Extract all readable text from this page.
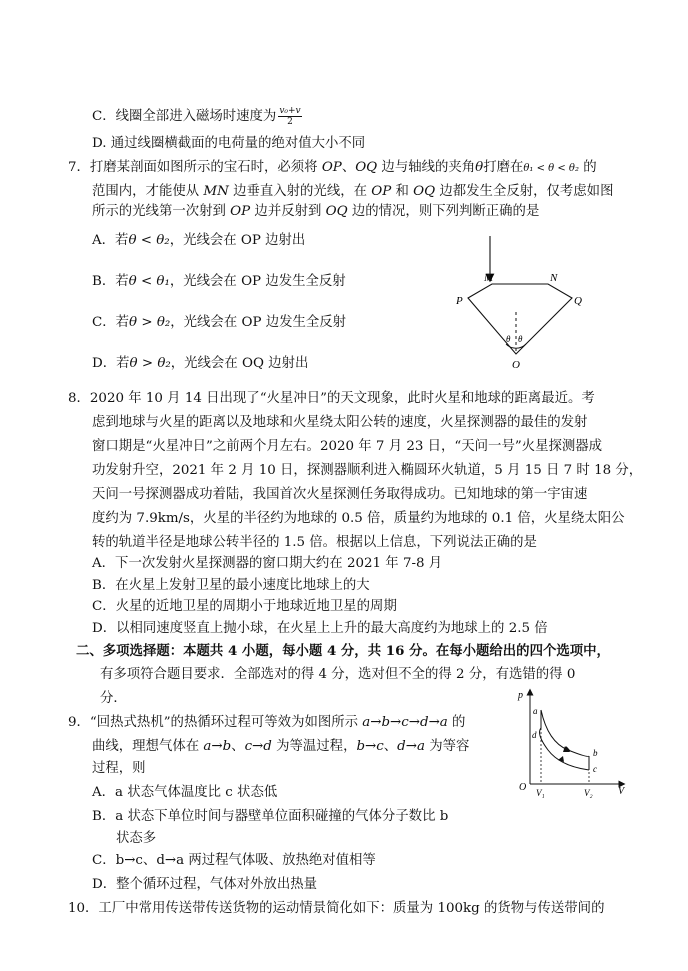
C．线圈全部进入磁场时速度为 $\frac{\text{v₀+v}}{2}$
D. 通过线圈横截面的电荷量的绝对值大小不同
7．打磨某剖面如图所示的宝石时，必须将 OP、OQ 边与轴线的夹角θ打磨在θ₁ < θ < θ₂ 的
范围内，才能使从 MN 边垂直入射的光线，在 OP 和 OQ 边都发生全反射，仅考虑如图
所示的光线第一次射到 OP 边并反射到 OQ 边的情况，则下列判断正确的是
A．若θ < θ₂，光线会在 OP 边射出
B．若θ < θ₁，光线会在 OP 边发生全反射
C．若θ > θ₂，光线会在 OP 边发生全反射
D．若θ > θ₂，光线会在 OQ 边射出
M	N
P	Q
O
θ θ
8．2020 年 10 月 14 日出现了“火星冲日”的天文现象，此时火星和地球的距离最近。考
虑到地球与火星的距离以及地球和火星绕太阳公转的速度，火星探测器的最佳的发射
窗口期是“火星冲日”之前两个月左右。2020 年 7 月 23 日，“天问一号”火星探测器成
功发射升空，2021 年 2 月 10 日，探测器顺利进入椭圆环火轨道，5 月 15 日 7 时 18 分，
天问一号探测器成功着陆，我国首次火星探测任务取得成功。已知地球的第一宇宙速
度约为 7.9km/s，火星的半径约为地球的 0.5 倍，质量约为地球的 0.1 倍，火星绕太阳公
转的轨道半径是地球公转半径的 1.5 倍。根据以上信息，下列说法正确的是
A．下一次发射火星探测器的窗口期大约在 2021 年 7-8 月
B．在火星上发射卫星的最小速度比地球上的大
C．火星的近地卫星的周期小于地球近地卫星的周期
D．以相同速度竖直上抛小球，在火星上上升的最大高度约为地球上的 2.5 倍
二、多项选择题：本题共 4 小题，每小题 4 分，共 16 分。在每小题给出的四个选项中，
有多项符合题目要求．全部选对的得 4 分，选对但不全的得 2 分，有选错的得 0
分．
9．“回热式热机”的热循环过程可等效为如图所示 a→b→c→d→a 的
曲线，理想气体在 a→b、c→d 为等温过程，b→c、d→a 为等容
过程，则
A．a 状态气体温度比 c 状态低
B．a 状态下单位时间与器壁单位面积碰撞的气体分子数比 b
状态多
C．b→c、d→a 两过程气体吸、放热绝对值相等
D．整个循环过程，气体对外放出热量
p
V
O
a
d
b
c
V₁	V₂
10．工厂中常用传送带传送货物的运动情景简化如下：质量为 100kg 的货物与传送带间的
